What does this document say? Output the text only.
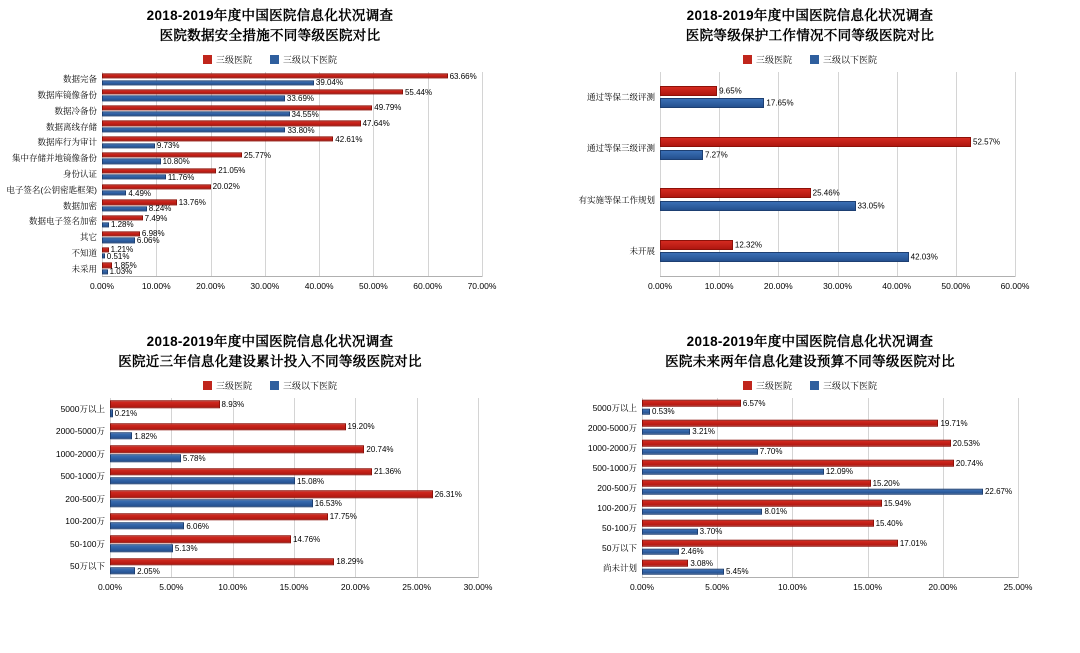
2018-2019年度中国医院信息化状况调查
医院数据安全措施不同等级医院对比
三级医院	三级以下医院
0.00%	10.00%	20.00%	30.00%	40.00%	50.00%	60.00%	70.00%
数据完备	63.66%
39.04%
数据库镜像备份	55.44%
33.69%
数据冷备份	49.79%
34.55%
数据离线存储	47.64%
33.80%
数据库行为审计	42.61%
9.73%
集中存储并地镜像备份	25.77%
10.80%
身份认证	21.05%
11.76%
电子签名(公钥密匙框架)	20.02%
4.49%
数据加密	13.76%
8.24%
数据电子签名加密	7.49%
1.28%
其它	6.98%
6.06%
不知道	1.21%
0.51%
未采用	1.85%
1.03%
2018-2019年度中国医院信息化状况调查
医院等级保护工作情况不同等级医院对比
三级医院	三级以下医院
0.00%	10.00%	20.00%	30.00%	40.00%	50.00%	60.00%
通过等保二级评测
9.65%
17.65%
通过等保三级评测
52.57%
7.27%
有实施等保工作规划
25.46%
33.05%
未开展
12.32%
42.03%
2018-2019年度中国医院信息化状况调查
医院近三年信息化建设累计投入不同等级医院对比
三级医院	三级以下医院
0.00%	5.00%	10.00%	15.00%	20.00%	25.00%	30.00%
5000万以上	8.93%
0.21%
2000-5000万	19.20%
1.82%
1000-2000万	20.74%
5.78%
500-1000万	21.36%
15.08%
200-500万	26.31%
16.53%
100-200万	17.75%
6.06%
50-100万	14.76%
5.13%
50万以下	18.29%
2.05%
2018-2019年度中国医院信息化状况调查
医院未来两年信息化建设预算不同等级医院对比
三级医院	三级以下医院
0.00%	5.00%	10.00%	15.00%	20.00%	25.00%
5000万以上	6.57%
0.53%
2000-5000万	19.71%
3.21%
1000-2000万	20.53%
7.70%
500-1000万	20.74%
12.09%
200-500万	15.20%
22.67%
100-200万	15.94%
8.01%
50-100万	15.40%
3.70%
50万以下	17.01%
2.46%
尚未计划	3.08%
5.45%
